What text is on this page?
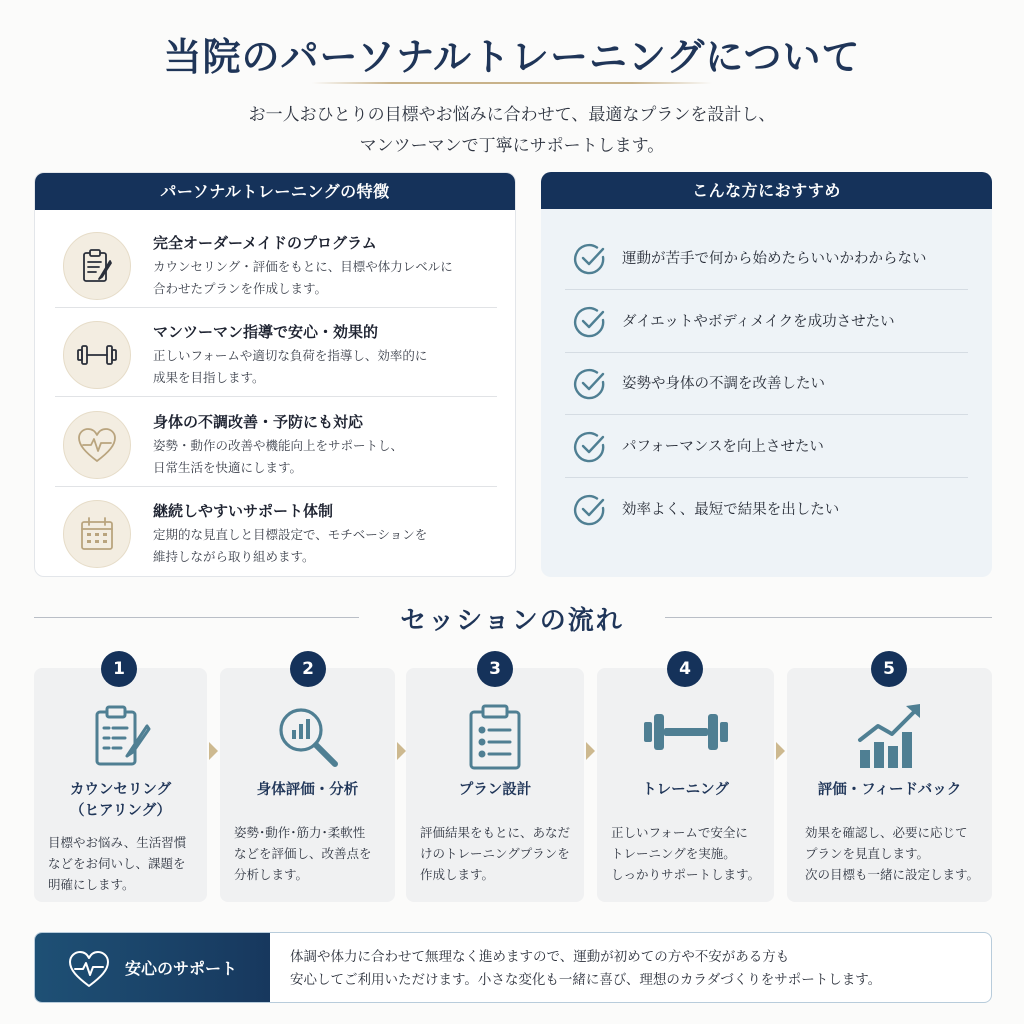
当院のパーソナルトレーニングについて
お一人おひとりの目標やお悩みに合わせて、最適なプランを設計し、
マンツーマンで丁寧にサポートします。
パーソナルトレーニングの特徴
完全オーダーメイドのプログラム
カウンセリング・評価をもとに、目標や体力レベルに
合わせたプランを作成します。
マンツーマン指導で安心・効果的
正しいフォームや適切な負荷を指導し、効率的に
成果を目指します。
身体の不調改善・予防にも対応
姿勢・動作の改善や機能向上をサポートし、
日常生活を快適にします。
継続しやすいサポート体制
定期的な見直しと目標設定で、モチベーションを
維持しながら取り組めます。
こんな方におすすめ
運動が苦手で何から始めたらいいかわからない
ダイエットやボディメイクを成功させたい
姿勢や身体の不調を改善したい
パフォーマンスを向上させたい
効率よく、最短で結果を出したい
セッションの流れ
カウンセリング
（ヒアリング）
目標やお悩み、生活習慣
などをお伺いし、課題を
明確にします。
1
身体評価・分析
姿勢･動作･筋力･柔軟性
などを評価し、改善点を
分析します。
2
プラン設計
評価結果をもとに、あなだ
けのトレーニングプランを
作成します。
3
トレーニング
正しいフォームで安全に
トレーニングを実施。
しっかりサポートします。
4
評価・フィードバック
効果を確認し、必要に応じて
プランを見直します。
次の目標も一緒に設定します。
5
安心のサポート
体調や体力に合わせて無理なく進めますので、運動が初めての方や不安がある方も
安心してご利用いただけます。小さな変化も一緒に喜び、理想のカラダづくりをサポートします。
